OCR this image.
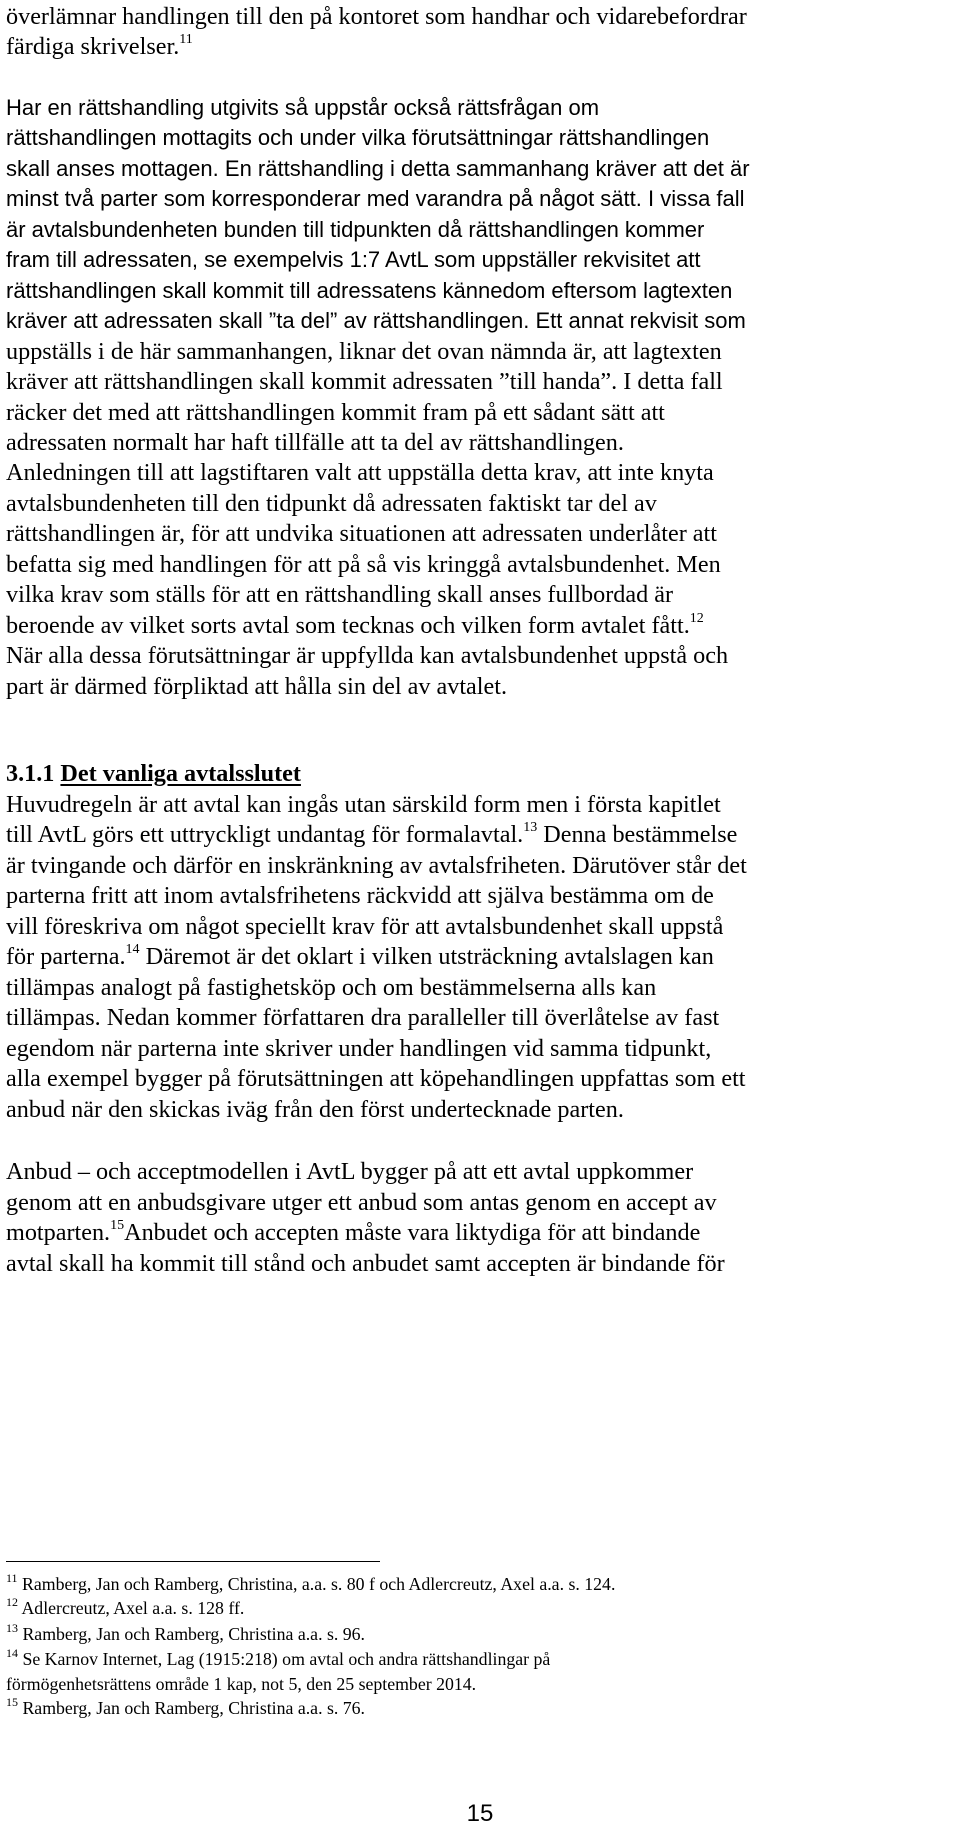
överlämnar handlingen till den på kontoret som handhar och vidarebefordrar
färdiga skrivelser.$^{11}$
Har en rättshandling utgivits så uppstår också rättsfrågan om
rättshandlingen mottagits och under vilka förutsättningar rättshandlingen
skall anses mottagen. En rättshandling i detta sammanhang kräver att det är
minst två parter som korresponderar med varandra på något sätt. I vissa fall
är avtalsbundenheten bunden till tidpunkten då rättshandlingen kommer
fram till adressaten, se exempelvis 1:7 AvtL som uppställer rekvisitet att
rättshandlingen skall kommit till adressatens kännedom eftersom lagtexten
kräver att adressaten skall ”ta del” av rättshandlingen. Ett annat rekvisit som
uppställs i de här sammanhangen, liknar det ovan nämnda är, att lagtexten
kräver att rättshandlingen skall kommit adressaten ”till handa”. I detta fall
räcker det med att rättshandlingen kommit fram på ett sådant sätt att
adressaten normalt har haft tillfälle att ta del av rättshandlingen.
Anledningen till att lagstiftaren valt att uppställa detta krav, att inte knyta
avtalsbundenheten till den tidpunkt då adressaten faktiskt tar del av
rättshandlingen är, för att undvika situationen att adressaten underlåter att
befatta sig med handlingen för att på så vis kringgå avtalsbundenhet. Men
vilka krav som ställs för att en rättshandling skall anses fullbordad är
beroende av vilket sorts avtal som tecknas och vilken form avtalet fått.$^{12}$
När alla dessa förutsättningar är uppfyllda kan avtalsbundenhet uppstå och
part är därmed förpliktad att hålla sin del av avtalet.
3.1.1 Det vanliga avtalsslutet
Huvudregeln är att avtal kan ingås utan särskild form men i första kapitlet
till AvtL görs ett uttryckligt undantag för formalavtal.$^{13}$ Denna bestämmelse
är tvingande och därför en inskränkning av avtalsfriheten. Därutöver står det
parterna fritt att inom avtalsfrihetens räckvidd att själva bestämma om de
vill föreskriva om något speciellt krav för att avtalsbundenhet skall uppstå
för parterna.$^{14}$ Däremot är det oklart i vilken utsträckning avtalslagen kan
tillämpas analogt på fastighetsköp och om bestämmelserna alls kan
tillämpas. Nedan kommer författaren dra paralleller till överlåtelse av fast
egendom när parterna inte skriver under handlingen vid samma tidpunkt,
alla exempel bygger på förutsättningen att köpehandlingen uppfattas som ett
anbud när den skickas iväg från den först undertecknade parten.
Anbud – och acceptmodellen i AvtL bygger på att ett avtal uppkommer
genom att en anbudsgivare utger ett anbud som antas genom en accept av
motparten.$^{15}$Anbudet och accepten måste vara liktydiga för att bindande
avtal skall ha kommit till stånd och anbudet samt accepten är bindande för
$^{11}$ Ramberg, Jan och Ramberg, Christina, a.a. s. 80 f och Adlercreutz, Axel a.a. s. 124.
$^{12}$ Adlercreutz, Axel a.a. s. 128 ff.
$^{13}$ Ramberg, Jan och Ramberg, Christina a.a. s. 96.
$^{14}$ Se Karnov Internet, Lag (1915:218) om avtal och andra rättshandlingar på
förmögenhetsrättens område 1 kap, not 5, den 25 september 2014.
$^{15}$ Ramberg, Jan och Ramberg, Christina a.a. s. 76.
15
